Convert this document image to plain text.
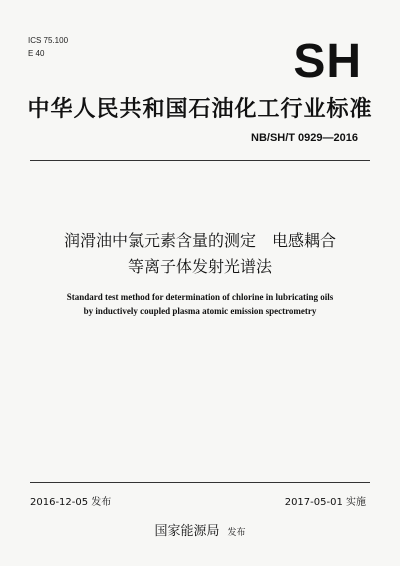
ICS 75.100
E 40	SH
中华人民共和国石油化工行业标准
NB/SH/T 0929—2016
润滑油中氯元素含量的测定　电感耦合
等离子体发射光谱法
Standard test method for determination of chlorine in lubricating oils
by inductively coupled plasma atomic emission spectrometry
2016-12-05 发布	2017-05-01 实施
国家能源局 发布
